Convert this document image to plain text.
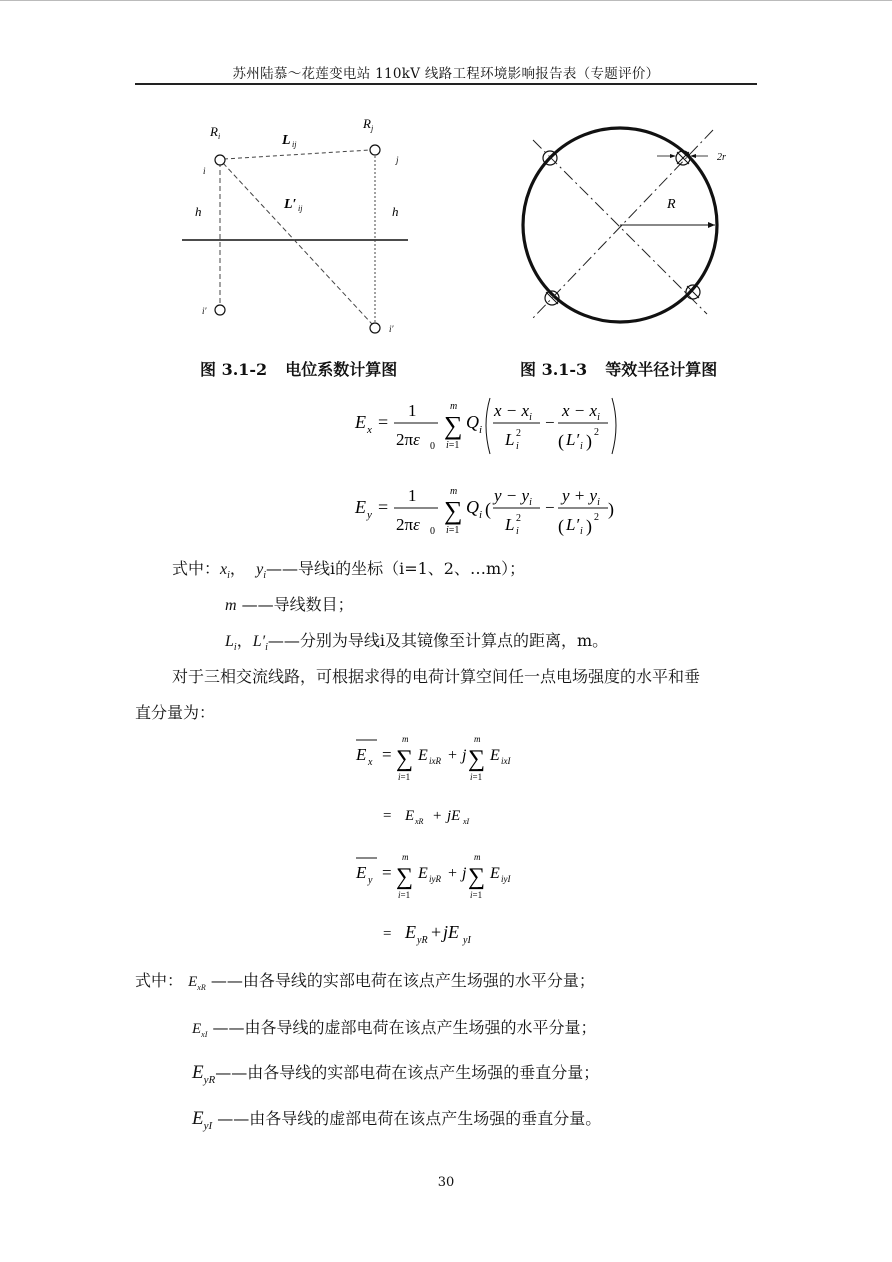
苏州陆慕～花莲变电站 110kV 线路工程环境影响报告表（专题评价）
R i
R j
L ij
L′ ij
h	h
i
j
i′
i′
图 3.1-2 电位系数计算图
2r
R
图 3.1-3 等效半径计算图
E x =
1
2πε 0
m
∑
i=1
Q i
$x - x_i$
L i
2
−
$x - x_i$
( L′ i ) 2
E y =
1
2πε 0
m
∑
i=1
Q i (
$y - y_i$
L i
2
−
$y + y_i$
( L′ i ) 2 )
式中：$x_i$，  $y_i——$导线i的坐标（i=1、2、…m）；
m ——导线数目；
$L_i$，$L'_i——$分别为导线i及其镜像至计算点的距离，m。
对于三相交流线路，可根据求得的电荷计算空间任一点电场强度的水平和垂
直分量为：
E x =
m
∑
i=1
E ixR + j
m
∑
i=1
E ixI
= E xR + jE xI
E y =
m
∑
i=1
E iyR + j
m
∑
i=1
E iyI
= E yR + jE yI
式中： $E_{xR}$ ——由各导线的实部电荷在该点产生场强的水平分量；
$E_{xI}$ ——由各导线的虚部电荷在该点产生场强的水平分量；
$E_{yR}——$由各导线的实部电荷在该点产生场强的垂直分量；
$E_{yI}$ ——由各导线的虚部电荷在该点产生场强的垂直分量。
30
